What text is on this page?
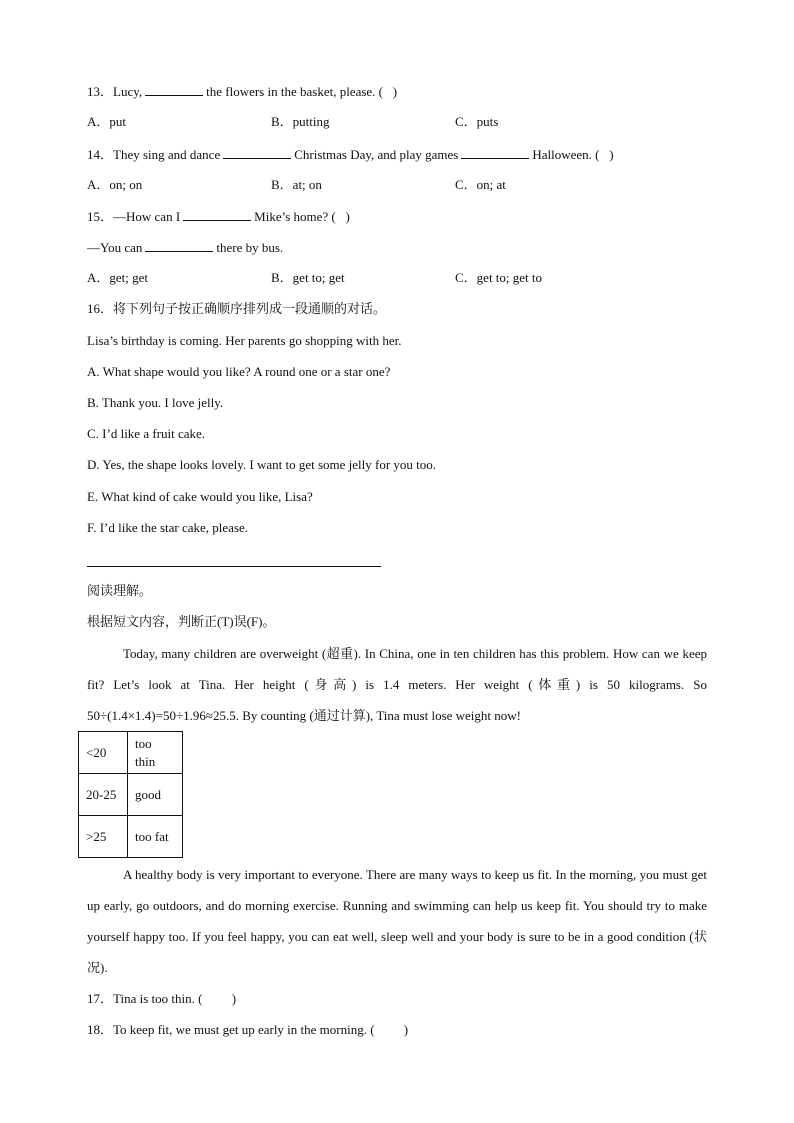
13．Lucy,	the flowers in the basket, please. (   )
A．put	B．putting	C．puts
14．They sing and dance	Christmas Day, and play games	Halloween. (   )
A．on; on	B．at; on	C．on; at
15．—How can I	Mike’s home? (   )
—You can	there by bus.
A．get; get	B．get to; get	C．get to; get to
16．将下列句子按正确顺序排列成一段通顺的对话。
Lisa’s birthday is coming. Her parents go shopping with her.
A. What shape would you like? A round one or a star one?
B. Thank you. I love jelly.
C. I’d like a fruit cake.
D. Yes, the shape looks lovely. I want to get some jelly for you too.
E. What kind of cake would you like, Lisa?
F. I’d like the star cake, please.
阅读理解。
根据短文内容，判断正(T)误(F)。
Today, many children are overweight (超重). In China, one in ten children has this problem. How can we keep fit? Let’s look at Tina. Her height (身高) is 1.4 meters. Her weight (体重) is 50 kilograms. So 50÷(1.4×1.4)=50÷1.96≈25.5. By counting (通过计算), Tina must lose weight now!
<20	too thin
20-25	good
>25	too fat
A healthy body is very important to everyone. There are many ways to keep us fit. In the morning, you must get up early, go outdoors, and do morning exercise. Running and swimming can help us keep fit. You should try to make yourself happy too. If you feel happy, you can eat well, sleep well and your body is sure to be in a good condition (状况).
17．Tina is too thin. (         )
18．To keep fit, we must get up early in the morning. (         )
